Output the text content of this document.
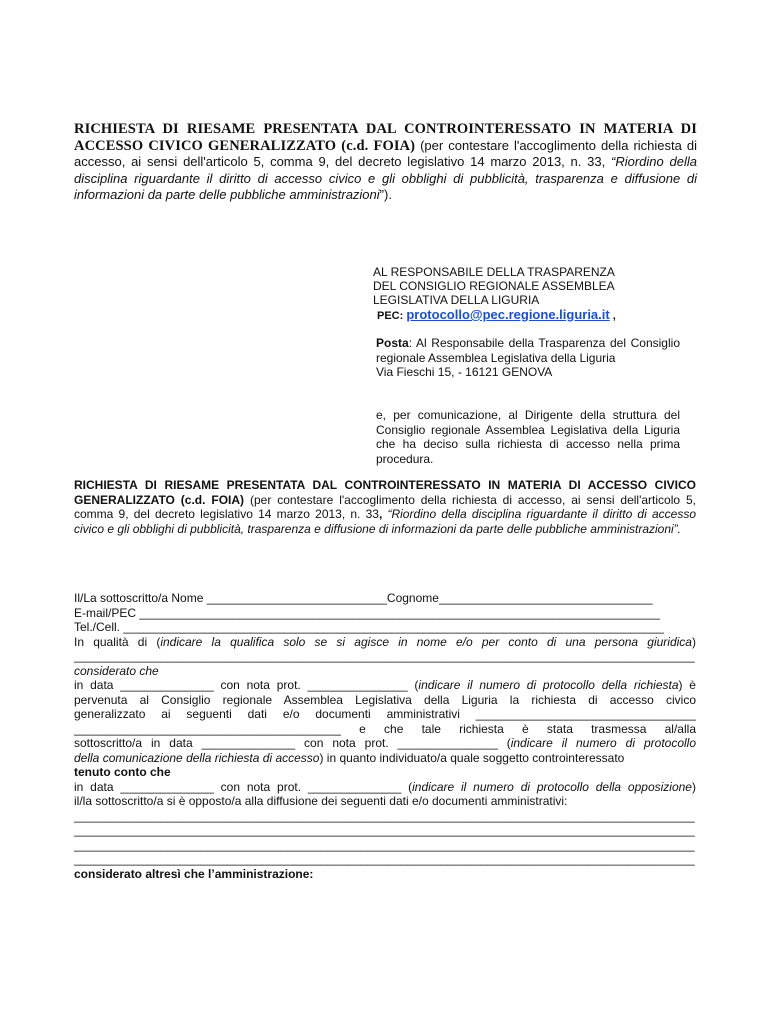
RICHIESTA DI RIESAME PRESENTATA DAL CONTROINTERESSATO IN MATERIA DI ACCESSO CIVICO GENERALIZZATO (c.d. FOIA) (per contestare l'accoglimento della richiesta di accesso, ai sensi dell'articolo 5, comma 9, del decreto legislativo 14 marzo 2013, n. 33, “Riordino della disciplina riguardante il diritto di accesso civico e gli obblighi di pubblicità, trasparenza e diffusione di informazioni da parte delle pubbliche amministrazioni”).
AL RESPONSABILE DELLA TRASPARENZA
DEL CONSIGLIO REGIONALE ASSEMBLEA
LEGISLATIVA DELLA LIGURIA
PEC: protocollo@pec.regione.liguria.it ,
Posta: Al Responsabile della Trasparenza del Consiglio regionale Assemblea Legislativa della Liguria
Via Fieschi 15, - 16121 GENOVA
e, per comunicazione, al Dirigente della struttura del Consiglio regionale Assemblea Legislativa della Liguria che ha deciso sulla richiesta di accesso nella prima procedura.
RICHIESTA DI RIESAME PRESENTATA DAL CONTROINTERESSATO IN MATERIA DI ACCESSO CIVICO GENERALIZZATO (c.d. FOIA) (per contestare l'accoglimento della richiesta di accesso, ai sensi dell'articolo 5, comma 9, del decreto legislativo 14 marzo 2013, n. 33, “Riordino della disciplina riguardante il diritto di accesso civico e gli obblighi di pubblicità, trasparenza e diffusione di informazioni da parte delle pubbliche amministrazioni”.
Il/La sottoscritto/a Nome ___________________________Cognome________________________________
E-mail/PEC ______________________________________________________________________________
Tel./Cell. _________________________________________________________________________________
In qualità di (indicare la qualifica solo se si agisce in nome e/o per conto di una persona giuridica)
_____________________________________________________________________________________________
considerato che
in data ______________ con nota prot. _______________ (indicare il numero di protocollo della richiesta) è
pervenuta al Consiglio regionale Assemblea Legislativa della Liguria la richiesta di accesso civico
generalizzato ai seguenti dati e/o documenti amministrativi _________________________________
________________________________________ e che tale richiesta è stata trasmessa al/alla
sottoscritto/a in data ______________ con nota prot. _______________ (indicare il numero di protocollo
della comunicazione della richiesta di accesso) in quanto individuato/a quale soggetto controinteressato
tenuto conto che
in data ______________ con nota prot. ______________ (indicare il numero di protocollo della opposizione)
il/la sottoscritto/a si è opposto/a alla diffusione dei seguenti dati e/o documenti amministrativi:
_____________________________________________________________________________________________
_____________________________________________________________________________________________
_____________________________________________________________________________________________
_____________________________________________________________________________________________
considerato altresì che l’amministrazione:
